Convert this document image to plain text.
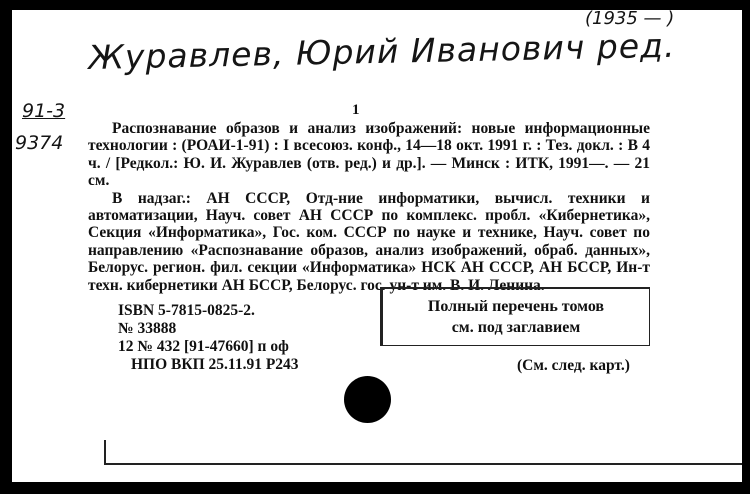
(1935 — )
Журавлев, Юрий Иванович ред.
91-3
9374
1

Распознавание образов и анализ изображений: новые информационные технологии : (РОАИ-1-91) : I всесоюз. конф., 14—18 окт. 1991 г. : Тез. докл. : В 4 ч. / [Редкол.: Ю. И. Журавлев (отв. ред.) и др.]. — Минск : ИТК, 1991—. — 21 см.

В надзаг.: АН СССР, Отд-ние информатики, вычисл. техники и автоматизации, Науч. совет АН СССР по комплекс. пробл. «Кибернетика», Секция «Информатика», Гос. ком. СССР по науке и технике, Науч. совет по направлению «Распознавание образов, анализ изображений, обраб. данных», Белорус. регион. фил. секции «Информатика» НСК АН СССР, АН БССР, Ин-т техн. кибернетики АН БССР, Белорус. гос. ун-т им. В. И. Ленина.

ISBN 5-7815-0825-2.
№ 33888
12 № 432 [91-47660] п оф
НПО ВКП 25.11.91 Р243
Полный перечень томов
см. под заглавием
(См. след. карт.)
